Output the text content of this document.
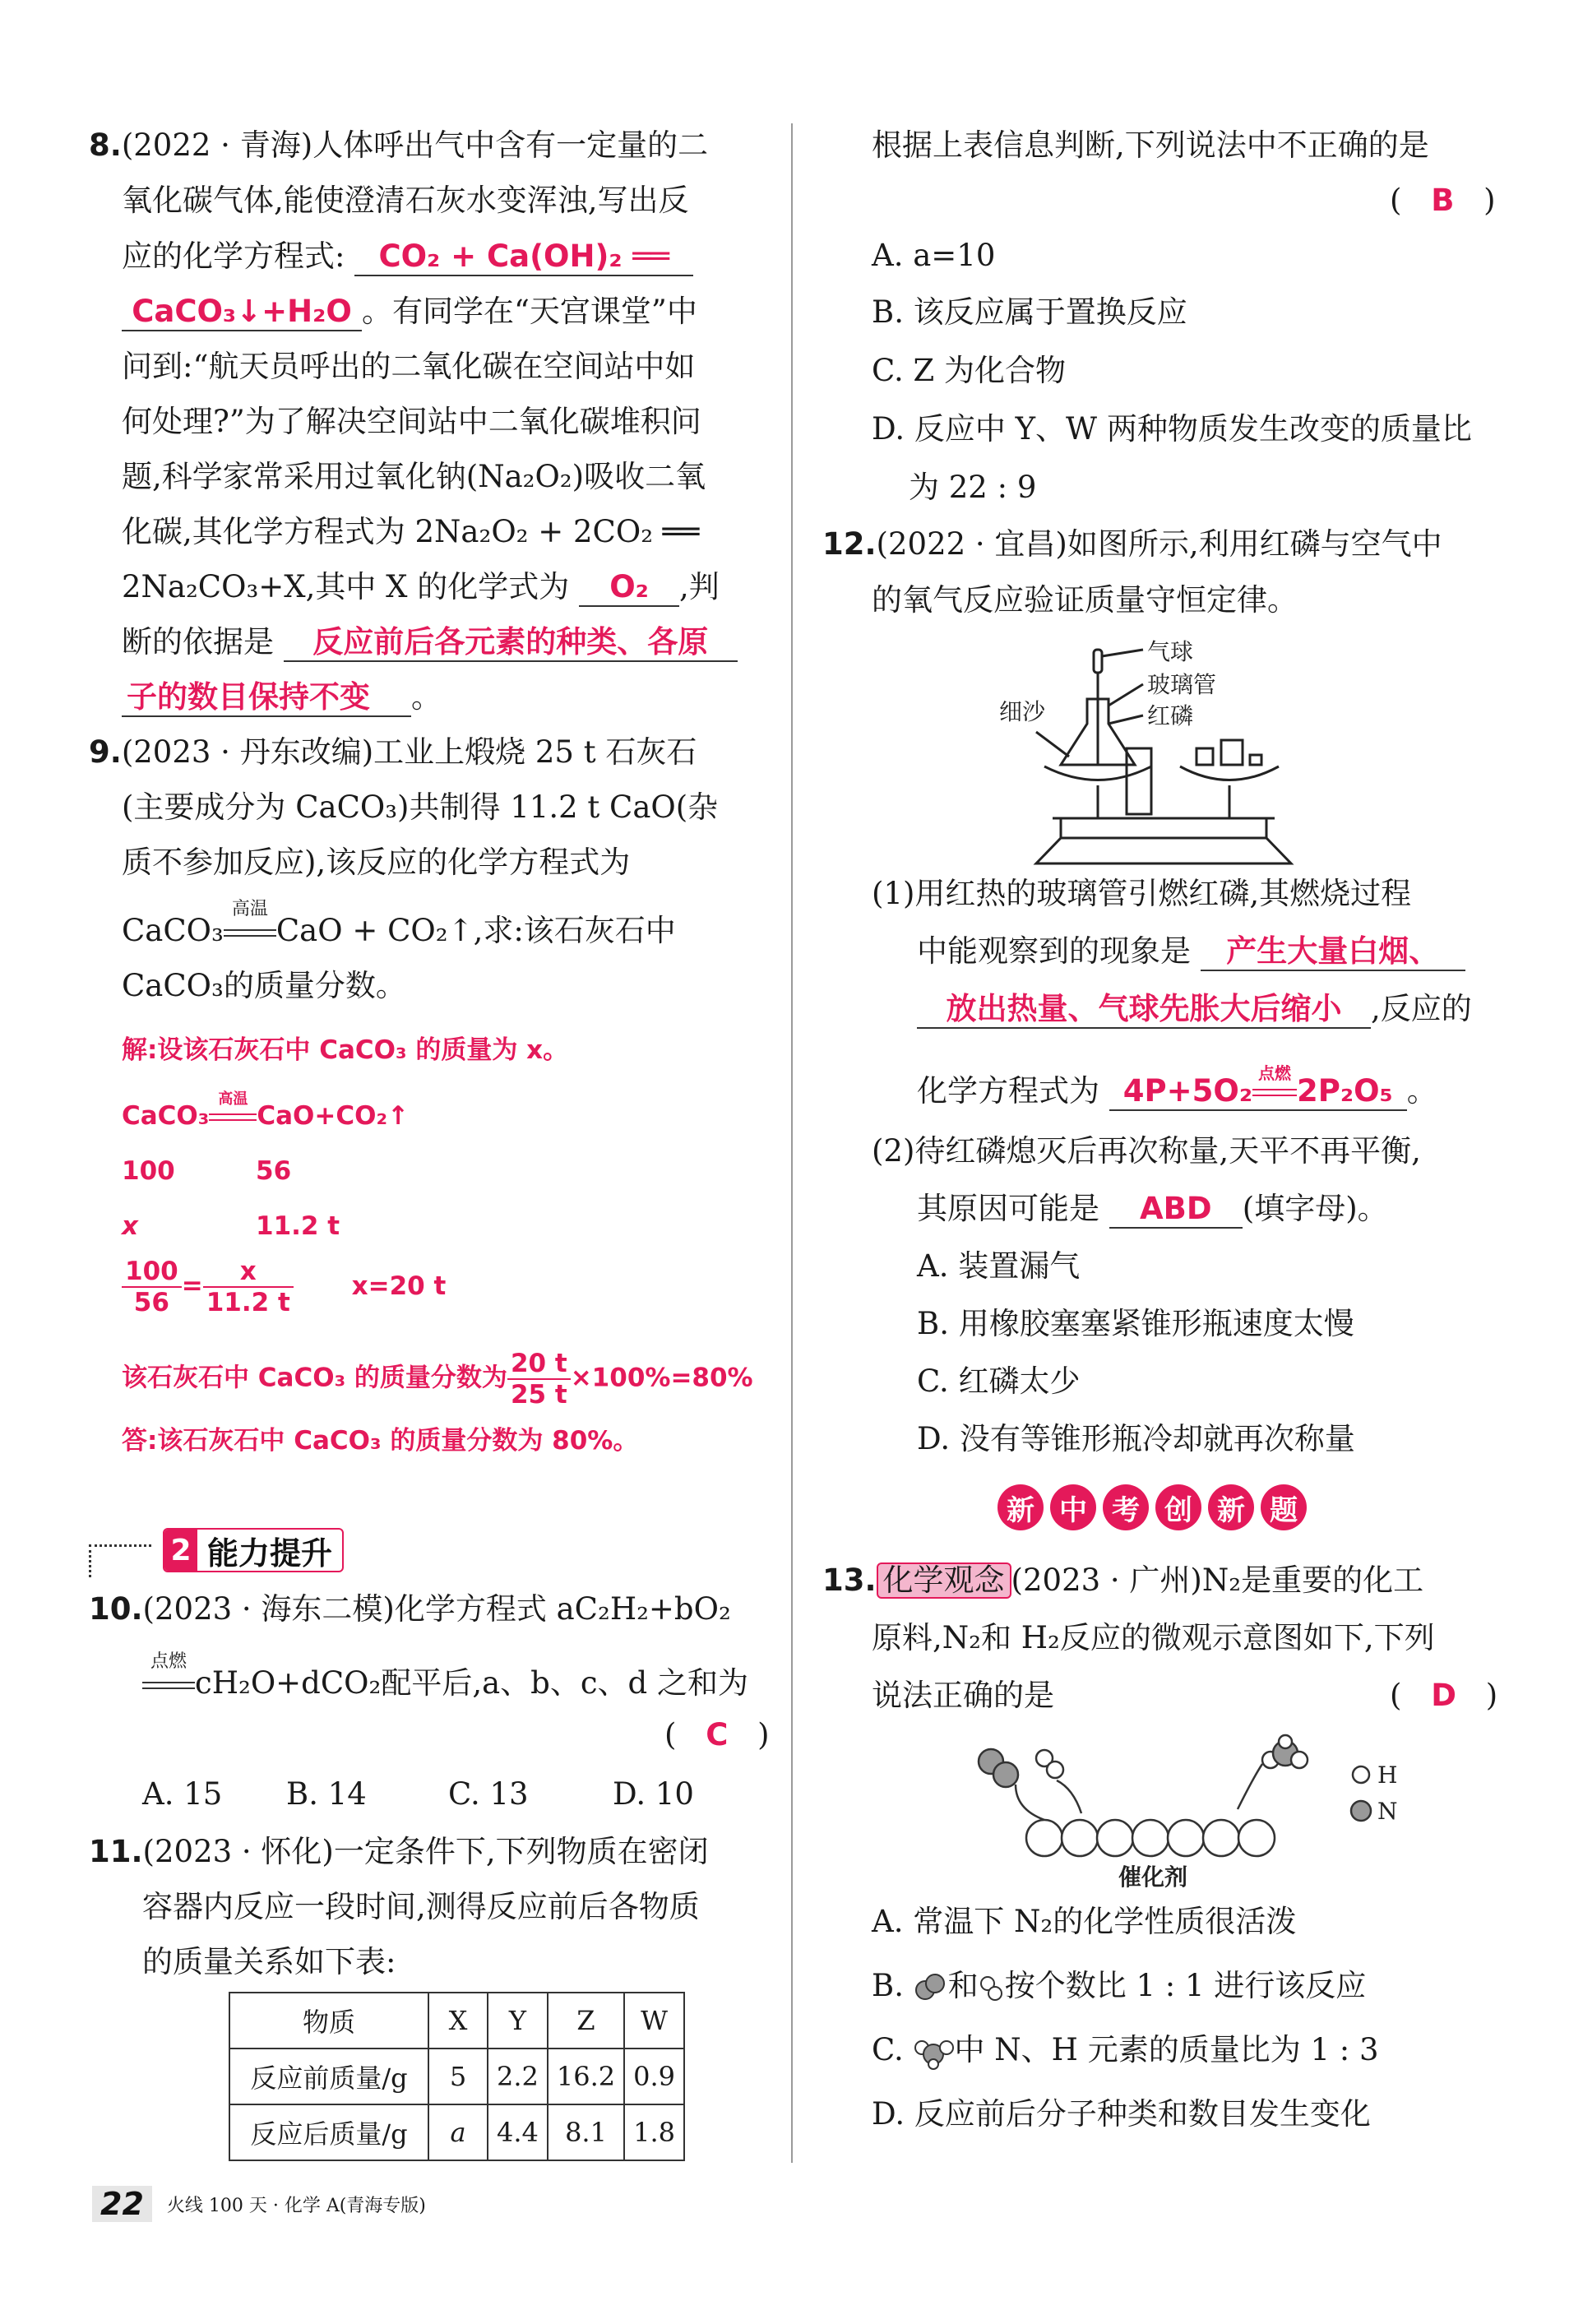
8.(2022 · 青海)人体呼出气中含有一定量的二
氧化碳气体,能使澄清石灰水变浑浊,写出反
应的化学方程式: CO₂ + Ca(OH)₂ ══
CaCO₃↓+H₂O 。有同学在“天宫课堂”中
问到:“航天员呼出的二氧化碳在空间站中如
何处理?”为了解决空间站中二氧化碳堆积问
题,科学家常采用过氧化钠(Na₂O₂)吸收二氧
化碳,其化学方程式为 2Na₂O₂ + 2CO₂ ══
2Na₂CO₃+X,其中 X 的化学式为 O₂ ,判
断的依据是 反应前后各元素的种类、各原
子的数目保持不变 。
9.(2023 · 丹东改编)工业上煅烧 25 t 石灰石
(主要成分为 CaCO₃)共制得 11.2 t CaO(杂
质不参加反应),该反应的化学方程式为
CaCO₃
高温
CaO + CO₂↑,求:该石灰石中
CaCO₃的质量分数。
解:设该石灰石中 CaCO₃ 的质量为 x。
CaCO₃
高温
CaO+CO₂↑
100	56
x	11.2 t
$\frac{100}{56} = \frac{x}{11.2 t} x=20$ t
该石灰石中 CaCO₃ 的质量分数为 $\frac{20 t}{25 t} \times 100\%=80\%$
答:该石灰石中 CaCO₃ 的质量分数为 80%。
2 能力提升
10.(2023 · 海东二模)化学方程式 aC₂H₂+bO₂
点燃
cH₂O+dCO₂配平后,a、b、c、d 之和为
( C )
A. 15 B. 14	C. 13	D. 10
11.(2023 · 怀化)一定条件下,下列物质在密闭
容器内反应一段时间,测得反应前后各物质
的质量关系如下表:
物质	X	Y	Z	W
反应前质量/g	5	2.2	16.2	0.9
反应后质量/g	a	4.4	8.1	1.8
根据上表信息判断,下列说法中不正确的是
( B )
A. a=10
B. 该反应属于置换反应
C. Z 为化合物
D. 反应中 Y、W 两种物质发生改变的质量比
为 22 : 9
12.(2022 · 宜昌)如图所示,利用红磷与空气中
的氧气反应验证质量守恒定律。
气球
玻璃管
红磷
细沙
(1)用红热的玻璃管引燃红磷,其燃烧过程
中能观察到的现象是 产生大量白烟、
放出热量、气球先胀大后缩小 ,反应的
化学方程式为 4P+5O₂ 点燃 2P₂O₅ 。
(2)待红磷熄灭后再次称量,天平不再平衡,
其原因可能是 ABD (填字母)。
A. 装置漏气
B. 用橡胶塞塞紧锥形瓶速度太慢
C. 红磷太少
D. 没有等锥形瓶冷却就再次称量
新 中 考 创 新 题
13. 化学观念 (2023 · 广州)N₂是重要的化工
原料,N₂和 H₂反应的微观示意图如下,下列
说法正确的是	( D )
H
N
催化剂
A. 常温下 N₂的化学性质很活泼
B. 和 按个数比 1 : 1 进行该反应
C. 中 N、H 元素的质量比为 1 : 3
D. 反应前后分子种类和数目发生变化
22	火线 100 天 · 化学 A(青海专版)
